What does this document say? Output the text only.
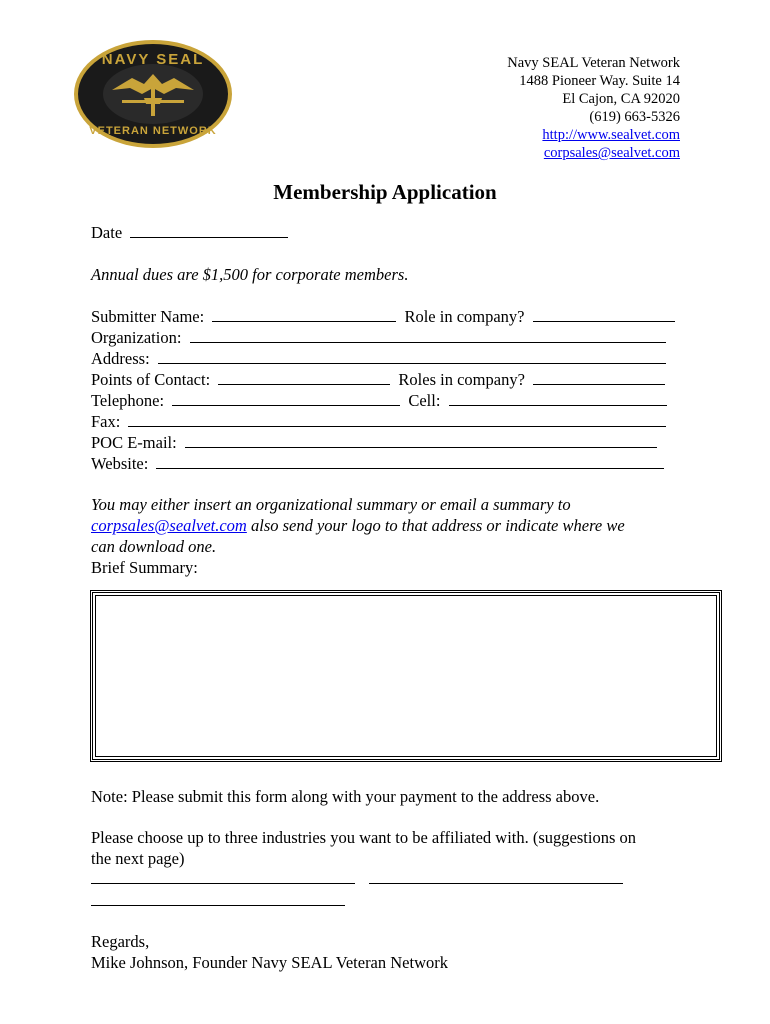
NAVY SEAL
VETERAN NETWORK
Navy SEAL Veteran Network
1488 Pioneer Way. Suite 14
El Cajon, CA 92020
(619) 663-5326
http://www.sealvet.com
corpsales@sealvet.com
Membership Application
Date
Annual dues are $1,500 for corporate members.
Submitter Name:	Role in company?
Organization:
Address:
Points of Contact:	Roles in company?
Telephone:	Cell:
Fax:
POC E-mail:
Website:
You may either insert an organizational summary or email a summary to
corpsales@sealvet.com also send your logo to that address or indicate where we
can download one.
Brief Summary:
Note: Please submit this form along with your payment to the address above.
Please choose up to three industries you want to be affiliated with. (suggestions on
the next page)
Regards,
Mike Johnson, Founder Navy SEAL Veteran Network
